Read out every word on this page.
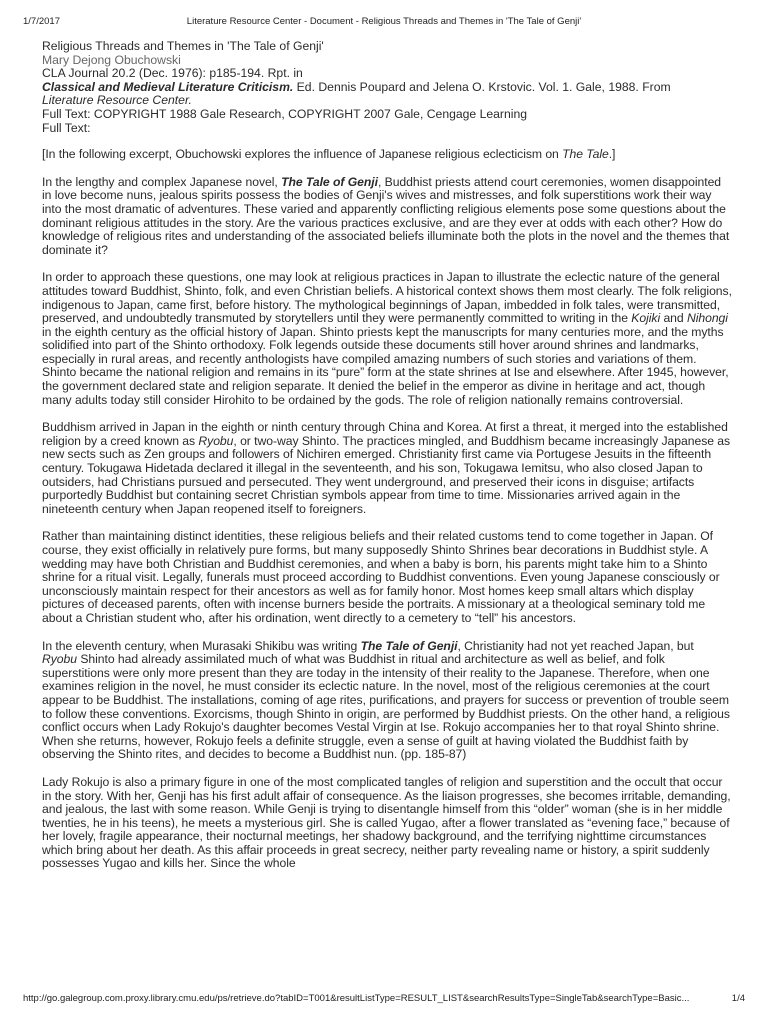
1/7/2017	Literature Resource Center - Document - Religious Threads and Themes in 'The Tale of Genji'

Religious Threads and Themes in 'The Tale of Genji'

Mary Dejong Obuchowski

CLA Journal 20.2 (Dec. 1976): p185-194. Rpt. in

Classical and Medieval Literature Criticism. Ed. Dennis Poupard and Jelena O. Krstovic. Vol. 1. Gale, 1988. From

Literature Resource Center.

Full Text: COPYRIGHT 1988 Gale Research, COPYRIGHT 2007 Gale, Cengage Learning

Full Text:

[In the following excerpt, Obuchowski explores the influence of Japanese religious eclecticism on The Tale.]

In the lengthy and complex Japanese novel, The Tale of Genji, Buddhist priests attend court ceremonies, women disappointed in love become nuns, jealous spirits possess the bodies of Genji's wives and mistresses, and folk superstitions work their way into the most dramatic of adventures. These varied and apparently conflicting religious elements pose some questions about the dominant religious attitudes in the story. Are the various practices exclusive, and are they ever at odds with each other? How do knowledge of religious rites and understanding of the associated beliefs illuminate both the plots in the novel and the themes that dominate it?

In order to approach these questions, one may look at religious practices in Japan to illustrate the eclectic nature of the general attitudes toward Buddhist, Shinto, folk, and even Christian beliefs. A historical context shows them most clearly. The folk religions, indigenous to Japan, came first, before history. The mythological beginnings of Japan, imbedded in folk tales, were transmitted, preserved, and undoubtedly transmuted by storytellers until they were permanently committed to writing in the Kojiki and Nihongi in the eighth century as the official history of Japan. Shinto priests kept the manuscripts for many centuries more, and the myths solidified into part of the Shinto orthodoxy. Folk legends outside these documents still hover around shrines and landmarks, especially in rural areas, and recently anthologists have compiled amazing numbers of such stories and variations of them. Shinto became the national religion and remains in its “pure” form at the state shrines at Ise and elsewhere. After 1945, however, the government declared state and religion separate. It denied the belief in the emperor as divine in heritage and act, though many adults today still consider Hirohito to be ordained by the gods. The role of religion nationally remains controversial.

Buddhism arrived in Japan in the eighth or ninth century through China and Korea. At first a threat, it merged into the established religion by a creed known as Ryobu, or two-way Shinto. The practices mingled, and Buddhism became increasingly Japanese as new sects such as Zen groups and followers of Nichiren emerged. Christianity first came via Portugese Jesuits in the fifteenth century. Tokugawa Hidetada declared it illegal in the seventeenth, and his son, Tokugawa Iemitsu, who also closed Japan to outsiders, had Christians pursued and persecuted. They went underground, and preserved their icons in disguise; artifacts purportedly Buddhist but containing secret Christian symbols appear from time to time. Missionaries arrived again in the nineteenth century when Japan reopened itself to foreigners.

Rather than maintaining distinct identities, these religious beliefs and their related customs tend to come together in Japan. Of course, they exist officially in relatively pure forms, but many supposedly Shinto Shrines bear decorations in Buddhist style. A wedding may have both Christian and Buddhist ceremonies, and when a baby is born, his parents might take him to a Shinto shrine for a ritual visit. Legally, funerals must proceed according to Buddhist conventions. Even young Japanese consciously or unconsciously maintain respect for their ancestors as well as for family honor. Most homes keep small altars which display pictures of deceased parents, often with incense burners beside the portraits. A missionary at a theological seminary told me about a Christian student who, after his ordination, went directly to a cemetery to “tell” his ancestors.

In the eleventh century, when Murasaki Shikibu was writing The Tale of Genji, Christianity had not yet reached Japan, but Ryobu Shinto had already assimilated much of what was Buddhist in ritual and architecture as well as belief, and folk superstitions were only more present than they are today in the intensity of their reality to the Japanese. Therefore, when one examines religion in the novel, he must consider its eclectic nature. In the novel, most of the religious ceremonies at the court appear to be Buddhist. The installations, coming of age rites, purifications, and prayers for success or prevention of trouble seem to follow these conventions. Exorcisms, though Shinto in origin, are performed by Buddhist priests. On the other hand, a religious conflict occurs when Lady Rokujo's daughter becomes Vestal Virgin at Ise. Rokujo accompanies her to that royal Shinto shrine. When she returns, however, Rokujo feels a definite struggle, even a sense of guilt at having violated the Buddhist faith by observing the Shinto rites, and decides to become a Buddhist nun. (pp. 185-87)

Lady Rokujo is also a primary figure in one of the most complicated tangles of religion and superstition and the occult that occur in the story. With her, Genji has his first adult affair of consequence. As the liaison progresses, she becomes irritable, demanding, and jealous, the last with some reason. While Genji is trying to disentangle himself from this “older” woman (she is in her middle twenties, he in his teens), he meets a mysterious girl. She is called Yugao, after a flower translated as “evening face,” because of her lovely, fragile appearance, their nocturnal meetings, her shadowy background, and the terrifying nighttime circumstances which bring about her death. As this affair proceeds in great secrecy, neither party revealing name or history, a spirit suddenly possesses Yugao and kills her. Since the whole

http://go.galegroup.com.proxy.library.cmu.edu/ps/retrieve.do?tabID=T001&resultListType=RESULT_LIST&searchResultsType=SingleTab&searchType=Basic...	1/4
